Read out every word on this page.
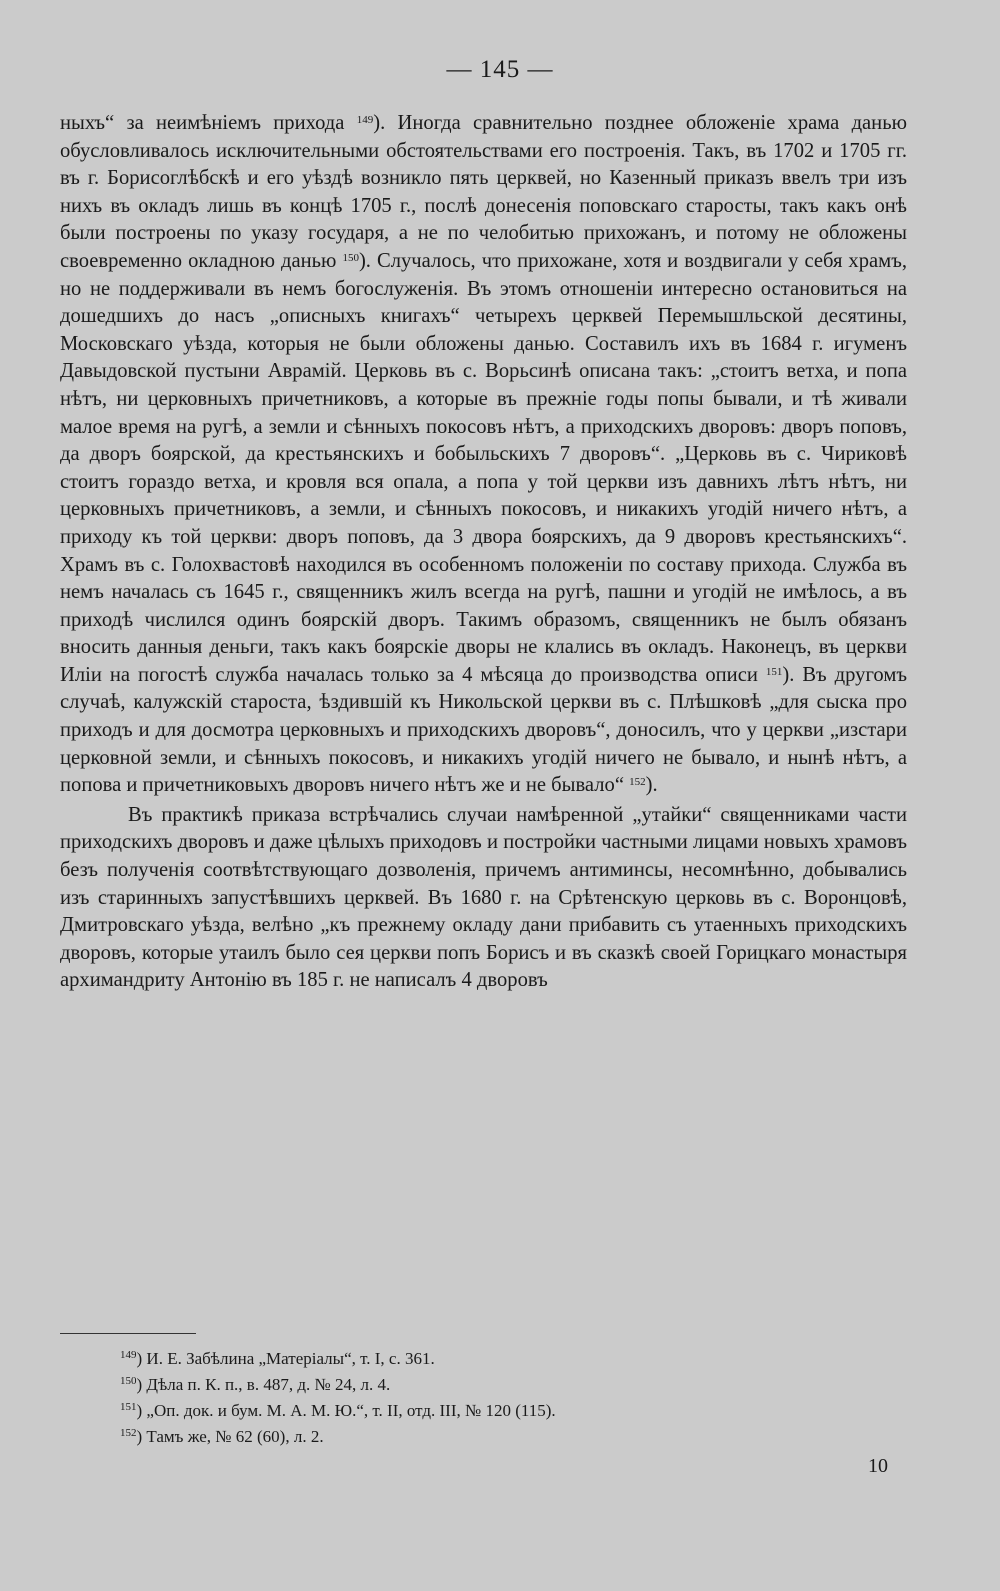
— 145 —

ныхъ“ за неимѣніемъ прихода $^{149}$). Иногда сравнительно позднее обложеніе храма данью обусловливалось исключительными обстоятельствами его построенія. Такъ, въ 1702 и 1705 гг. въ г. Борисоглѣбскѣ и его уѣздѣ возникло пять церквей, но Казенный приказъ ввелъ три изъ нихъ въ окладъ лишь въ концѣ 1705 г., послѣ донесенія поповскаго старосты, такъ какъ онѣ были построены по указу государя, а не по челобитью прихожанъ, и потому не обложены своевременно окладною данью $^{150}$). Случалось, что прихожане, хотя и воздвигали у себя храмъ, но не поддерживали въ немъ богослуженія. Въ этомъ отношеніи интересно остановиться на дошедшихъ до насъ „описныхъ книгахъ“ четырехъ церквей Перемышльской десятины, Московскаго уѣзда, которыя не были обложены данью. Составилъ ихъ въ 1684 г. игуменъ Давыдовской пустыни Аврамій. Церковь въ с. Ворьсинѣ описана такъ: „стоитъ ветха, и попа нѣтъ, ни церковныхъ причетниковъ, а которые въ прежніе годы попы бывали, и тѣ живали малое время на ругѣ, а земли и сѣнныхъ покосовъ нѣтъ, а приходскихъ дворовъ: дворъ поповъ, да дворъ боярской, да крестьянскихъ и бобыльскихъ 7 дворовъ“. „Церковь въ с. Чириковѣ стоитъ гораздо ветха, и кровля вся опала, а попа у той церкви изъ давнихъ лѣтъ нѣтъ, ни церковныхъ причетниковъ, а земли, и сѣнныхъ покосовъ, и никакихъ угодій ничего нѣтъ, а приходу къ той церкви: дворъ поповъ, да 3 двора боярскихъ, да 9 дворовъ крестьянскихъ“. Храмъ въ с. Голохвастовѣ находился въ особенномъ положеніи по составу прихода. Служба въ немъ началась съ 1645 г., священникъ жилъ всегда на ругѣ, пашни и угодій не имѣлось, а въ приходѣ числился одинъ боярскій дворъ. Такимъ образомъ, священникъ не былъ обязанъ вносить данныя деньги, такъ какъ боярскіе дворы не клались въ окладъ. Наконецъ, въ церкви Иліи на погостѣ служба началась только за 4 мѣсяца до производства описи $^{151}$). Въ другомъ случаѣ, калужскій староста, ѣздившій къ Никольской церкви въ с. Плѣшковѣ „для сыска про приходъ и для досмотра церковныхъ и приходскихъ дворовъ“, доносилъ, что у церкви „изстари церковной земли, и сѣнныхъ покосовъ, и никакихъ угодій ничего не бывало, и нынѣ нѣтъ, а попова и причетниковыхъ дворовъ ничего нѣтъ же и не бывало“ $^{152}$).

Въ практикѣ приказа встрѣчались случаи намѣренной „утайки“ священниками части приходскихъ дворовъ и даже цѣлыхъ приходовъ и постройки частными лицами новыхъ храмовъ безъ полученія соотвѣтствующаго дозволенія, причемъ антиминсы, несомнѣнно, добывались изъ старинныхъ запустѣвшихъ церквей. Въ 1680 г. на Срѣтенскую церковь въ с. Воронцовѣ, Дмитровскаго уѣзда, велѣно „къ прежнему окладу дани прибавить съ утаенныхъ приходскихъ дворовъ, которые утаилъ было сея церкви попъ Борисъ и въ сказкѣ своей Горицкаго монастыря архимандриту Антонію въ 185 г. не написалъ 4 дворовъ

$^{149}$) И. Е. Забѣлина „Матеріалы“, т. I, с. 361.
$^{150}$) Дѣла п. К. п., в. 487, д. № 24, л. 4.
$^{151}$) „Оп. док. и бум. М. А. М. Ю.“, т. II, отд. III, № 120 (115).
$^{152}$) Тамъ же, № 62 (60), л. 2.
10
